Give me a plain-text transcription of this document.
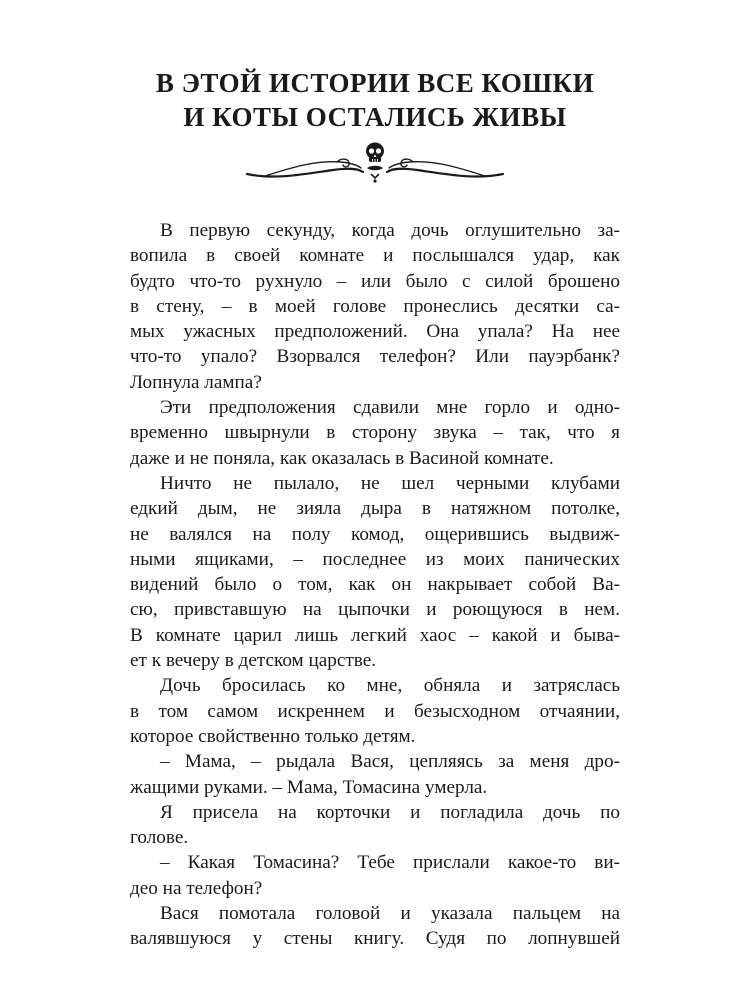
В ЭТОЙ ИСТОРИИ ВСЕ КОШКИ
И КОТЫ ОСТАЛИСЬ ЖИВЫ
В первую секунду, когда дочь оглушительно за-
вопила в своей комнате и послышался удар, как
будто что-то рухнуло – или было с силой брошено
в стену, – в моей голове пронеслись десятки са-
мых ужасных предположений. Она упала? На нее
что-то упало? Взорвался телефон? Или пауэрбанк?
Лопнула лампа?
Эти предположения сдавили мне горло и одно-
временно швырнули в сторону звука – так, что я
даже и не поняла, как оказалась в Васиной комнате.
Ничто не пылало, не шел черными клубами
едкий дым, не зияла дыра в натяжном потолке,
не валялся на полу комод, ощерившись выдвиж-
ными ящиками, – последнее из моих панических
видений было о том, как он накрывает собой Ва-
сю, привставшую на цыпочки и роющуюся в нем.
В комнате царил лишь легкий хаос – какой и быва-
ет к вечеру в детском царстве.
Дочь бросилась ко мне, обняла и затряслась
в том самом искреннем и безысходном отчаянии,
которое свойственно только детям.
– Мама, – рыдала Вася, цепляясь за меня дро-
жащими руками. – Мама, Томасина умерла.
Я присела на корточки и погладила дочь по
голове.
– Какая Томасина? Тебе прислали какое-то ви-
део на телефон?
Вася помотала головой и указала пальцем на
валявшуюся у стены книгу. Судя по лопнувшей
